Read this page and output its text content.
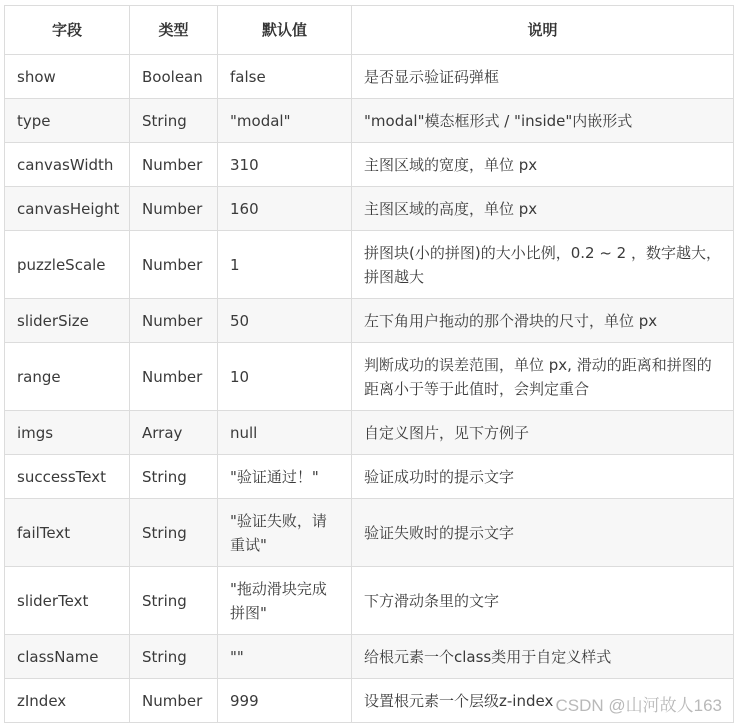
字段	类型	默认值	说明
show	Boolean	false	是否显示验证码弹框
type	String	"modal"	"modal"模态框形式 / "inside"内嵌形式
canvasWidth	Number	310	主图区域的宽度，单位 px
canvasHeight	Number	160	主图区域的高度，单位 px
puzzleScale	Number	1	拼图块(小的拼图)的大小比例，0.2 ~ 2 ，数字越大，拼图越大
sliderSize	Number	50	左下角用户拖动的那个滑块的尺寸，单位 px
range	Number	10	判断成功的误差范围，单位 px, 滑动的距离和拼图的距离小于等于此值时，会判定重合
imgs	Array	null	自定义图片，见下方例子
successText	String	"验证通过！"	验证成功时的提示文字
failText	String	"验证失败，请重试"	验证失败时的提示文字
sliderText	String	"拖动滑块完成拼图"	下方滑动条里的文字
className	String	""	给根元素一个class类用于自定义样式
zIndex	Number	999	设置根元素一个层级z-index CSDN @山河故人163
